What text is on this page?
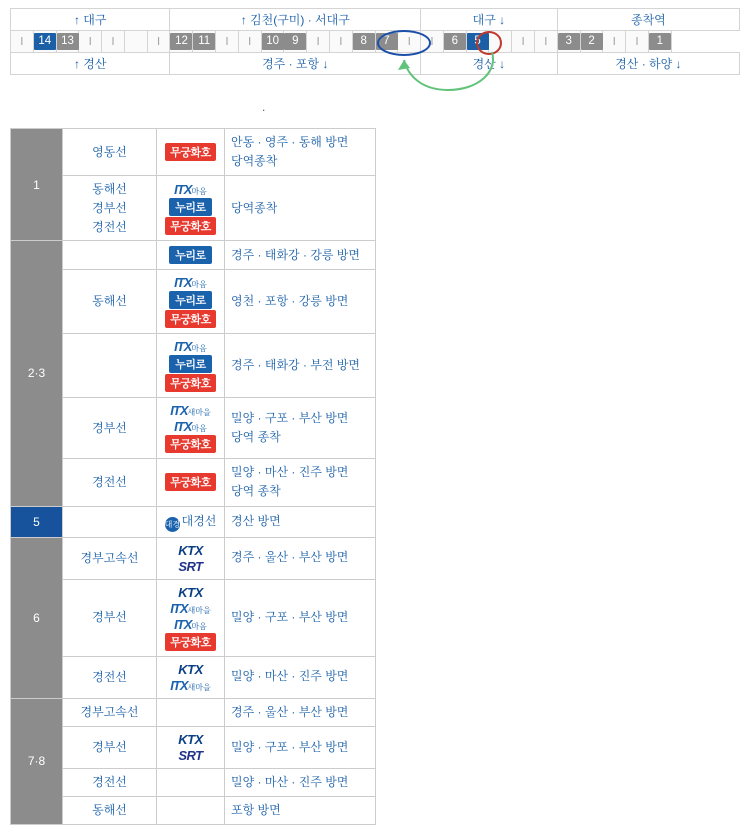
↑ 대구							↑ 김천(구미) · 서대구											대구 ↓						종착역				
l	14	13	l	l		l	12	11	l	l	10	9	l	l	8	7	l	l	6	5	l	l	l	3	2	l	l	1
↑ 경산							경주 · 포항 ↓											경산 ↓						경산 · 하양 ↓				
.
1	영동선	무궁화호	안동 · 영주 · 동해 방면
당역종착
	동해선
경부선
경전선	ITX마음
누리로
무궁화호	당역종착
2·3		누리로	경주 · 태화강 · 강릉 방면
	동해선	ITX마음
누리로
무궁화호	영천 · 포항 · 강릉 방면

		ITX마음
누리로
무궁화호	경주 · 태화강 · 부전 방면
	경부선	ITX새마을
ITX마음
무궁화호	밀양 · 구포 · 부산 방면
당역 종착
	경전선	무궁화호	밀양 · 마산 · 진주 방면
당역 종착
5		대경 대경선	경산 방면
6	경부고속선	KTX
SRT	경주 · 울산 · 부산 방면
	경부선	KTX
ITX새마을
ITX마음
무궁화호	밀양 · 구포 · 부산 방면
	경전선	KTX
ITX새마을	밀양 · 마산 · 진주 방면
7·8	경부고속선		경주 · 울산 · 부산 방면
	경부선	KTX
SRT	밀양 · 구포 · 부산 방면
	경전선		밀양 · 마산 · 진주 방면
	동해선		포항 방면
